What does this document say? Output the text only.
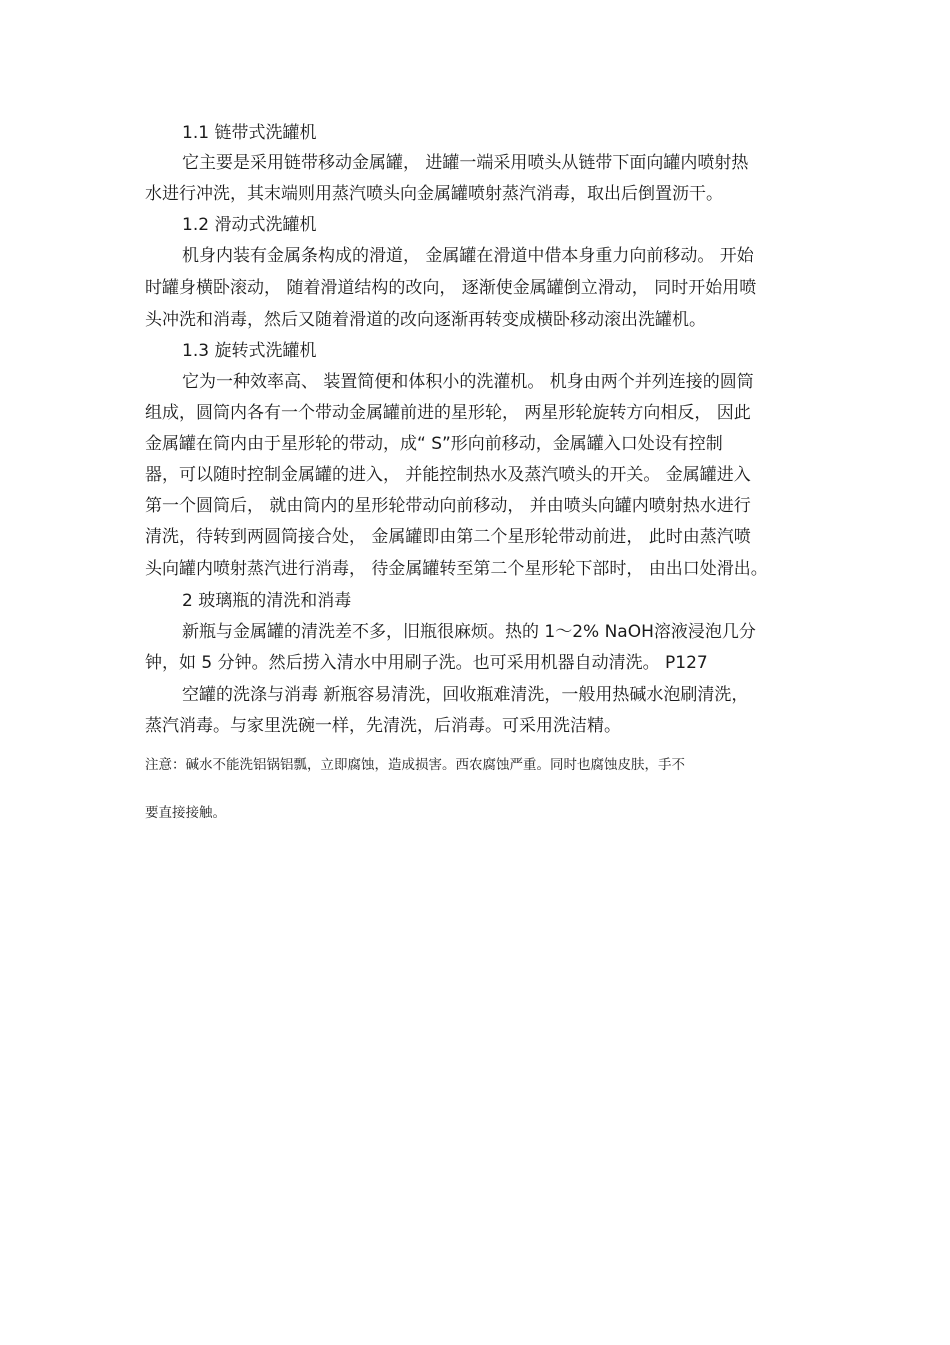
1.1 链带式洗罐机
它主要是采用链带移动金属罐， 进罐一端采用喷头从链带下面向罐内喷射热
水进行冲洗，其末端则用蒸汽喷头向金属罐喷射蒸汽消毒，取出后倒置沥干。
1.2 滑动式洗罐机
机身内装有金属条构成的滑道， 金属罐在滑道中借本身重力向前移动。 开始
时罐身横卧滚动， 随着滑道结构的改向， 逐渐使金属罐倒立滑动， 同时开始用喷
头冲洗和消毒，然后又随着滑道的改向逐渐再转变成横卧移动滚出洗罐机。
1.3 旋转式洗罐机
它为一种效率高、 装置简便和体积小的洗灌机。 机身由两个并列连接的圆筒
组成，圆筒内各有一个带动金属罐前进的星形轮， 两星形轮旋转方向相反， 因此
金属罐在筒内由于星形轮的带动，成“ S”形向前移动，金属罐入口处设有控制
器，可以随时控制金属罐的进入， 并能控制热水及蒸汽喷头的开关。 金属罐进入
第一个圆筒后， 就由筒内的星形轮带动向前移动， 并由喷头向罐内喷射热水进行
清洗，待转到两圆筒接合处， 金属罐即由第二个星形轮带动前进， 此时由蒸汽喷
头向罐内喷射蒸汽进行消毒， 待金属罐转至第二个星形轮下部时， 由出口处滑出。
2 玻璃瓶的清洗和消毒
新瓶与金属罐的清洗差不多，旧瓶很麻烦。热的 1～2% NaOH溶液浸泡几分
钟，如 5 分钟。然后捞入清水中用刷子洗。也可采用机器自动清洗。 P127
空罐的洗涤与消毒 新瓶容易清洗，回收瓶难清洗，一般用热碱水泡刷清洗，
蒸汽消毒。与家里洗碗一样，先清洗，后消毒。可采用洗洁精。
注意：碱水不能洗铝锅铝瓢，立即腐蚀，造成损害。西农腐蚀严重。同时也腐蚀皮肤，手不
要直接接触。
